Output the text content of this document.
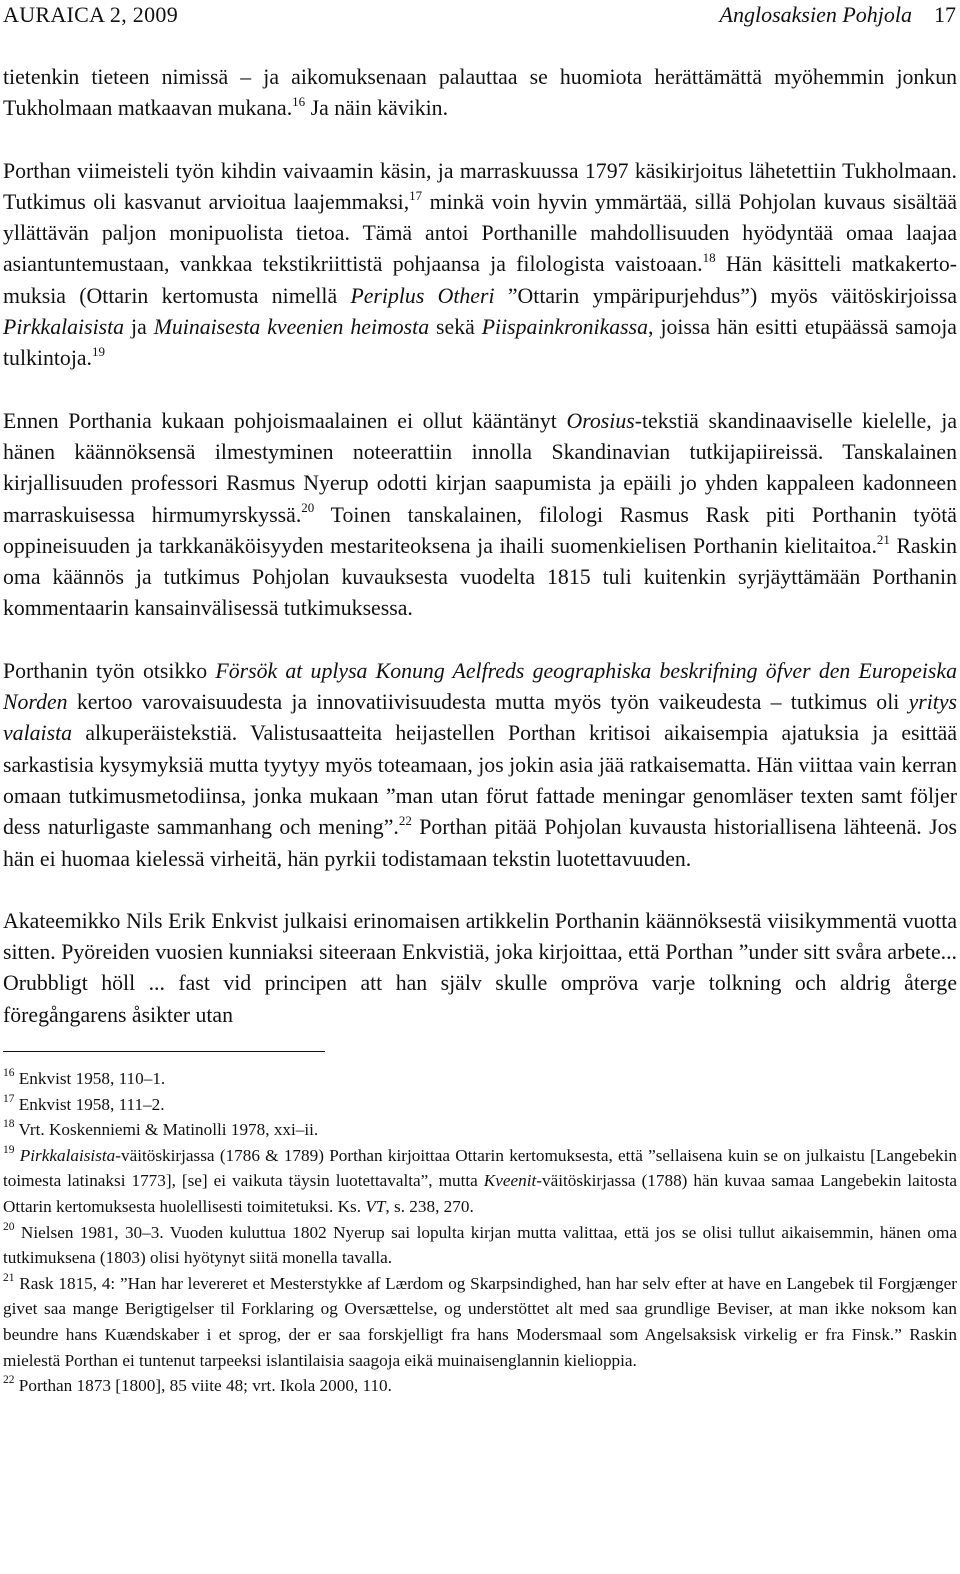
AURAICA 2, 2009	Anglosaksien Pohjola 17

tietenkin tieteen nimissä – ja aikomuksenaan palauttaa se huomiota herättämättä myöhemmin jonkun Tukholmaan matkaavan mukana.$^{16}$ Ja näin kävikin.

Porthan viimeisteli työn kihdin vaivaamin käsin, ja marraskuussa 1797 käsikirjoitus lähetettiin Tukholmaan. Tutkimus oli kasvanut arvioitua laajemmaksi,$^{17}$ minkä voin hyvin ymmärtää, sillä Pohjolan kuvaus sisältää yllättävän paljon monipuolista tietoa. Tämä antoi Porthanille mahdollisuuden hyödyntää omaa laajaa asiantuntemustaan, vankkaa tekstikriittistä pohjaansa ja filologista vaistoaan.$^{18}$ Hän käsitteli matkakertomuksia (Ottarin kertomusta nimellä Periplus Otheri ”Ottarin ympäripurjehdus”) myös väitöskirjoissa Pirkkalaisista ja Muinaisesta kveenien heimosta sekä Piispainkronikassa, joissa hän esitti etupäässä samoja tulkintoja.$^{19}$

Ennen Porthania kukaan pohjoismaalainen ei ollut kääntänyt Orosius-tekstiä skandinaaviselle kielelle, ja hänen käännöksensä ilmestyminen noteerattiin innolla Skandinavian tutkijapiireissä. Tanskalainen kirjallisuuden professori Rasmus Nyerup odotti kirjan saapumista ja epäili jo yhden kappaleen kadonneen marraskuisessa hirmumyrskyssä.$^{20}$ Toinen tanskalainen, filologi Rasmus Rask piti Porthanin työtä oppineisuuden ja tarkkanäköisyyden mestariteoksena ja ihaili suomenkielisen Porthanin kielitaitoa.$^{21}$ Raskin oma käännös ja tutkimus Pohjolan kuvauksesta vuodelta 1815 tuli kuitenkin syrjäyttämään Porthanin kommentaarin kansainvälisessä tutkimuksessa.

Porthanin työn otsikko Försök at uplysa Konung Aelfreds geographiska beskrifning öfver den Europeiska Norden kertoo varovaisuudesta ja innovatiivisuudesta mutta myös työn vaikeudesta – tutkimus oli yritys valaista alkuperäistekstiä. Valistusaatteita heijastellen Porthan kritisoi aikaisempia ajatuksia ja esittää sarkastisia kysymyksiä mutta tyytyy myös toteamaan, jos jokin asia jää ratkaisematta. Hän viittaa vain kerran omaan tutkimusmetodiinsa, jonka mukaan ”man utan förut fattade meningar genomläser texten samt följer dess naturligaste sammanhang och mening”.$^{22}$ Porthan pitää Pohjolan kuvausta historiallisena lähteenä. Jos hän ei huomaa kielessä virheitä, hän pyrkii todistamaan tekstin luotettavuuden.

Akateemikko Nils Erik Enkvist julkaisi erinomaisen artikkelin Porthanin käännöksestä viisikymmentä vuotta sitten. Pyöreiden vuosien kunniaksi siteeraan Enkvistiä, joka kirjoittaa, että Porthan ”under sitt svåra arbete... Orubbligt höll ... fast vid principen att han själv skulle ompröva varje tolkning och aldrig återge föregångarens åsikter utan

$^{16}$ Enkvist 1958, 110–1.

$^{17}$ Enkvist 1958, 111–2.

$^{18}$ Vrt. Koskenniemi & Matinolli 1978, xxi–ii.

$^{19}$ Pirkkalaisista-väitöskirjassa (1786 & 1789) Porthan kirjoittaa Ottarin kertomuksesta, että ”sellaisena kuin se on julkaistu [Langebekin toimesta latinaksi 1773], [se] ei vaikuta täysin luotettavalta”, mutta Kveenit-väitöskirjassa (1788) hän kuvaa samaa Langebekin laitosta Ottarin kertomuksesta huolellisesti toimitetuksi. Ks. VT, s. 238, 270.

$^{20}$ Nielsen 1981, 30–3. Vuoden kuluttua 1802 Nyerup sai lopulta kirjan mutta valittaa, että jos se olisi tullut aikaisemmin, hänen oma tutkimuksena (1803) olisi hyötynyt siitä monella tavalla.

$^{21}$ Rask 1815, 4: ”Han har levereret et Mesterstykke af Lærdom og Skarpsindighed, han har selv efter at have en Langebek til Forgjænger givet saa mange Berigtigelser til Forklaring og Oversættelse, og understöttet alt med saa grundlige Beviser, at man ikke noksom kan beundre hans Kuændskaber i et sprog, der er saa forskjelligt fra hans Modersmaal som Angelsaksisk virkelig er fra Finsk.” Raskin mielestä Porthan ei tuntenut tarpeeksi islantilaisia saagoja eikä muinaisenglannin kielioppia.

$^{22}$ Porthan 1873 [1800], 85 viite 48; vrt. Ikola 2000, 110.
